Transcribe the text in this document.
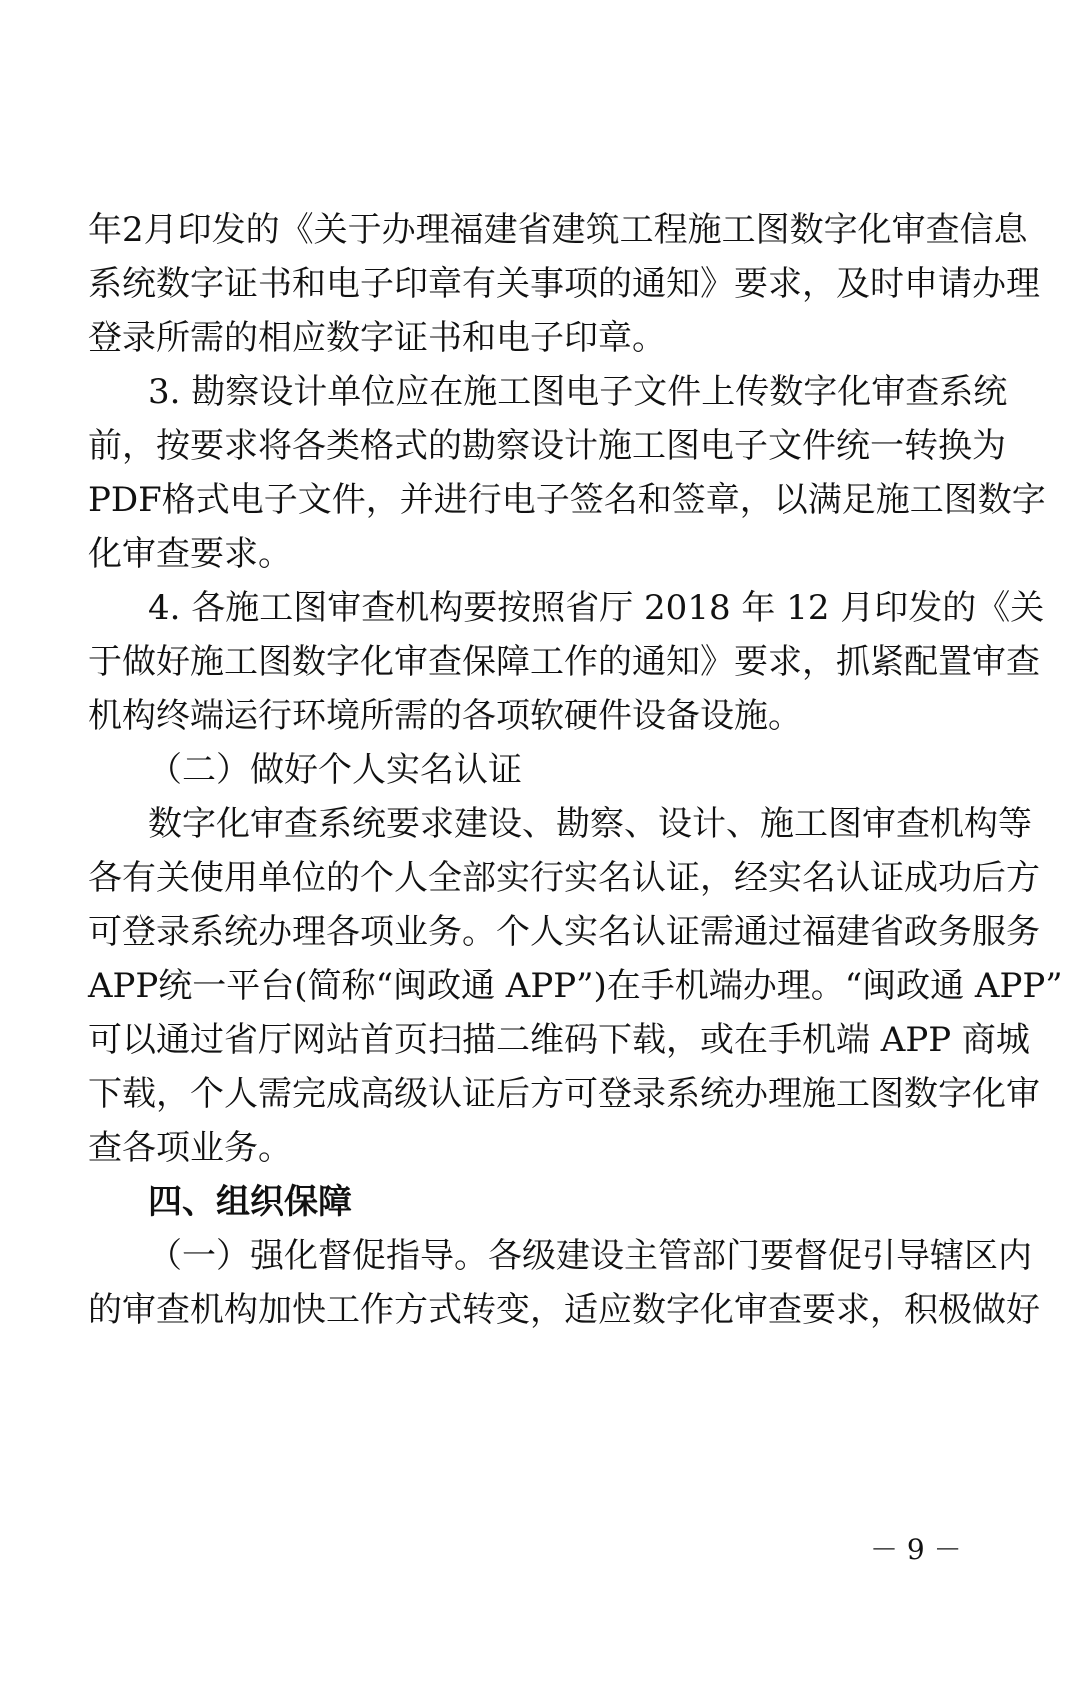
年2月印发的《关于办理福建省建筑工程施工图数字化审查信息
系统数字证书和电子印章有关事项的通知》要求，及时申请办理
登录所需的相应数字证书和电子印章。
3. 勘察设计单位应在施工图电子文件上传数字化审查系统
前，按要求将各类格式的勘察设计施工图电子文件统一转换为
PDF格式电子文件，并进行电子签名和签章，以满足施工图数字
化审查要求。
4. 各施工图审查机构要按照省厅 2018 年 12 月印发的《关
于做好施工图数字化审查保障工作的通知》要求，抓紧配置审查
机构终端运行环境所需的各项软硬件设备设施。
（二）做好个人实名认证
数字化审查系统要求建设、勘察、设计、施工图审查机构等
各有关使用单位的个人全部实行实名认证，经实名认证成功后方
可登录系统办理各项业务。个人实名认证需通过福建省政务服务
APP统一平台(简称“闽政通 APP”)在手机端办理。“闽政通 APP”
可以通过省厅网站首页扫描二维码下载，或在手机端 APP 商城
下载，个人需完成高级认证后方可登录系统办理施工图数字化审
查各项业务。
四、组织保障
（一）强化督促指导。各级建设主管部门要督促引导辖区内
的审查机构加快工作方式转变，适应数字化审查要求，积极做好
－ 9 －
